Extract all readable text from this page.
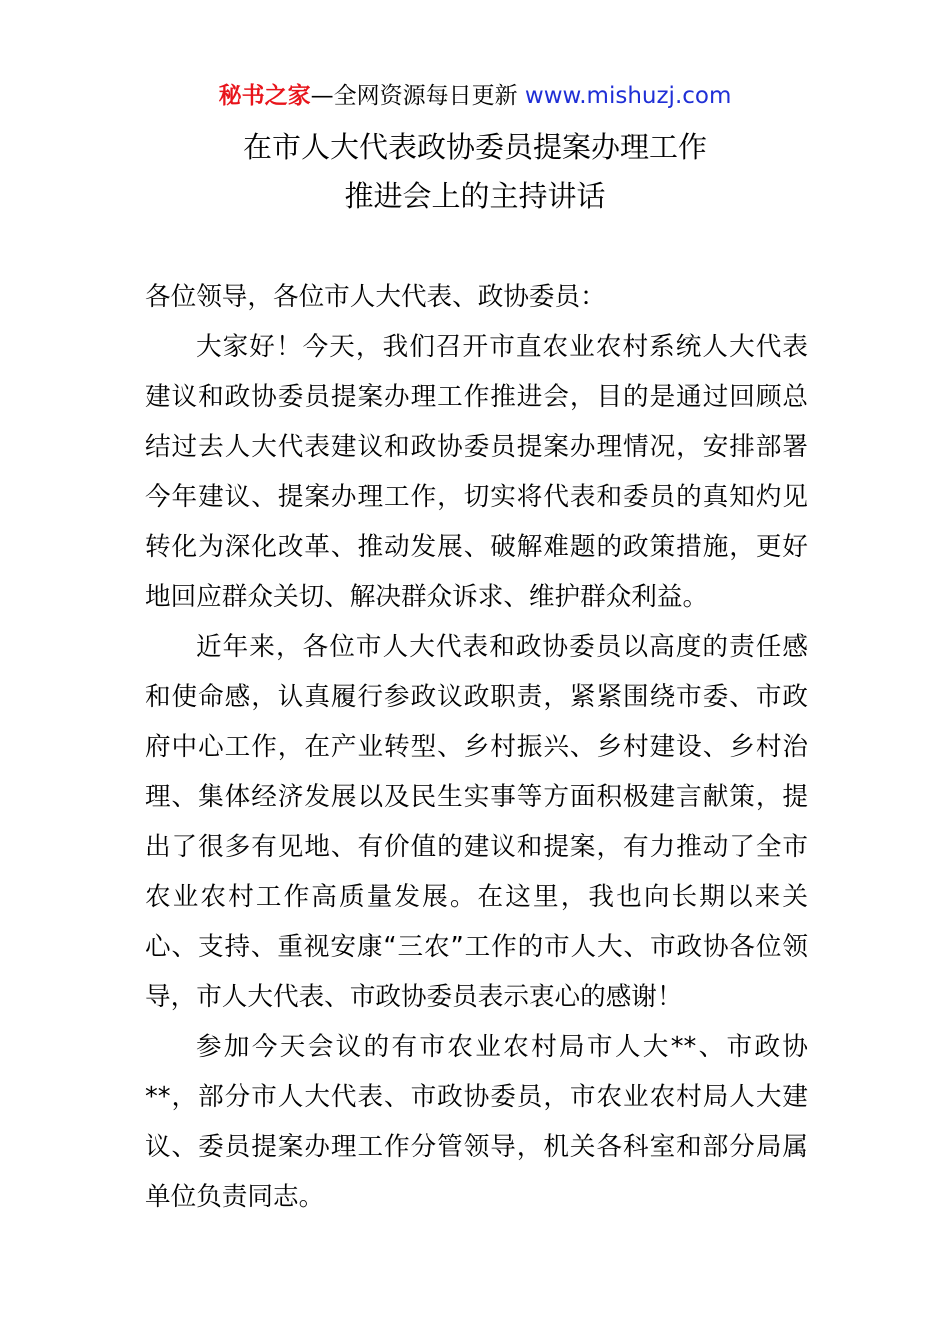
秘书之家—全网资源每日更新 www.mishuzj.com
在市人大代表政协委员提案办理工作
推进会上的主持讲话

各位领导，各位市人大代表、政协委员：

大家好！今天，我们召开市直农业农村系统人大代表建议和政协委员提案办理工作推进会，目的是通过回顾总结过去人大代表建议和政协委员提案办理情况，安排部署今年建议、提案办理工作，切实将代表和委员的真知灼见转化为深化改革、推动发展、破解难题的政策措施，更好地回应群众关切、解决群众诉求、维护群众利益。

近年来，各位市人大代表和政协委员以高度的责任感和使命感，认真履行参政议政职责，紧紧围绕市委、市政府中心工作，在产业转型、乡村振兴、乡村建设、乡村治理、集体经济发展以及民生实事等方面积极建言献策，提出了很多有见地、有价值的建议和提案，有力推动了全市农业农村工作高质量发展。在这里，我也向长期以来关心、支持、重视安康“三农”工作的市人大、市政协各位领导，市人大代表、市政协委员表示衷心的感谢！

参加今天会议的有市农业农村局市人大**、市政协**，部分市人大代表、市政协委员，市农业农村局人大建议、委员提案办理工作分管领导，机关各科室和部分局属单位负责同志。
